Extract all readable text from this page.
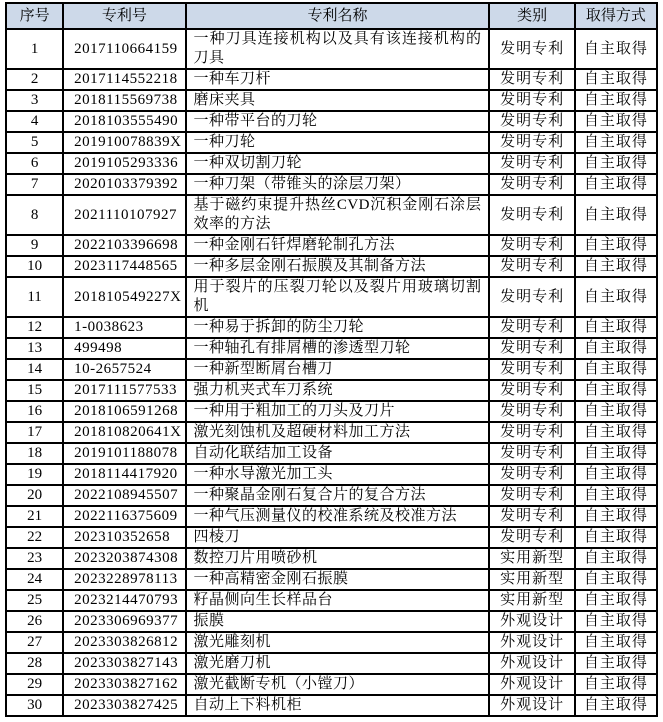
序号	专利号	专利名称	类别	取得方式
1	2017110664159	一种刀具连接机构以及具有该连接机构的刀具	发明专利	自主取得
2	2017114552218	一种车刀杆	发明专利	自主取得
3	2018115569738	磨床夹具	发明专利	自主取得
4	2018103555490	一种带平台的刀轮	发明专利	自主取得
5	201910078839X	一种刀轮	发明专利	自主取得
6	2019105293336	一种双切割刀轮	发明专利	自主取得
7	2020103379392	一种刀架（带锥头的涂层刀架）	发明专利	自主取得
8	2021110107927	基于磁约束提升热丝CVD沉积金刚石涂层效率的方法	发明专利	自主取得
9	2022103396698	一种金刚石钎焊磨轮制孔方法	发明专利	自主取得
10	2023117448565	一种多层金刚石振膜及其制备方法	发明专利	自主取得
11	201810549227X	用于裂片的压裂刀轮以及裂片用玻璃切割机	发明专利	自主取得
12	1-0038623	一种易于拆卸的防尘刀轮	发明专利	自主取得
13	499498	一种轴孔有排屑槽的渗透型刀轮	发明专利	自主取得
14	10-2657524	一种新型断屑台槽刀	发明专利	自主取得
15	2017111577533	强力机夹式车刀系统	发明专利	自主取得
16	2018106591268	一种用于粗加工的刀头及刀片	发明专利	自主取得
17	201810820641X	激光刻蚀机及超硬材料加工方法	发明专利	自主取得
18	2019101188078	自动化联结加工设备	发明专利	自主取得
19	2018114417920	一种水导激光加工头	发明专利	自主取得
20	2022108945507	一种聚晶金刚石复合片的复合方法	发明专利	自主取得
21	2022116375609	一种气压测量仪的校准系统及校准方法	发明专利	自主取得
22	202310352658	四棱刀	发明专利	自主取得
23	2023203874308	数控刀片用喷砂机	实用新型	自主取得
24	2023228978113	一种高精密金刚石振膜	实用新型	自主取得
25	2023214470793	籽晶侧向生长样品台	实用新型	自主取得
26	2023306969377	振膜	外观设计	自主取得
27	2023303826812	激光雕刻机	外观设计	自主取得
28	2023303827143	激光磨刀机	外观设计	自主取得
29	2023303827162	激光截断专机（小镗刀）	外观设计	自主取得
30	2023303827425	自动上下料机柜	外观设计	自主取得
